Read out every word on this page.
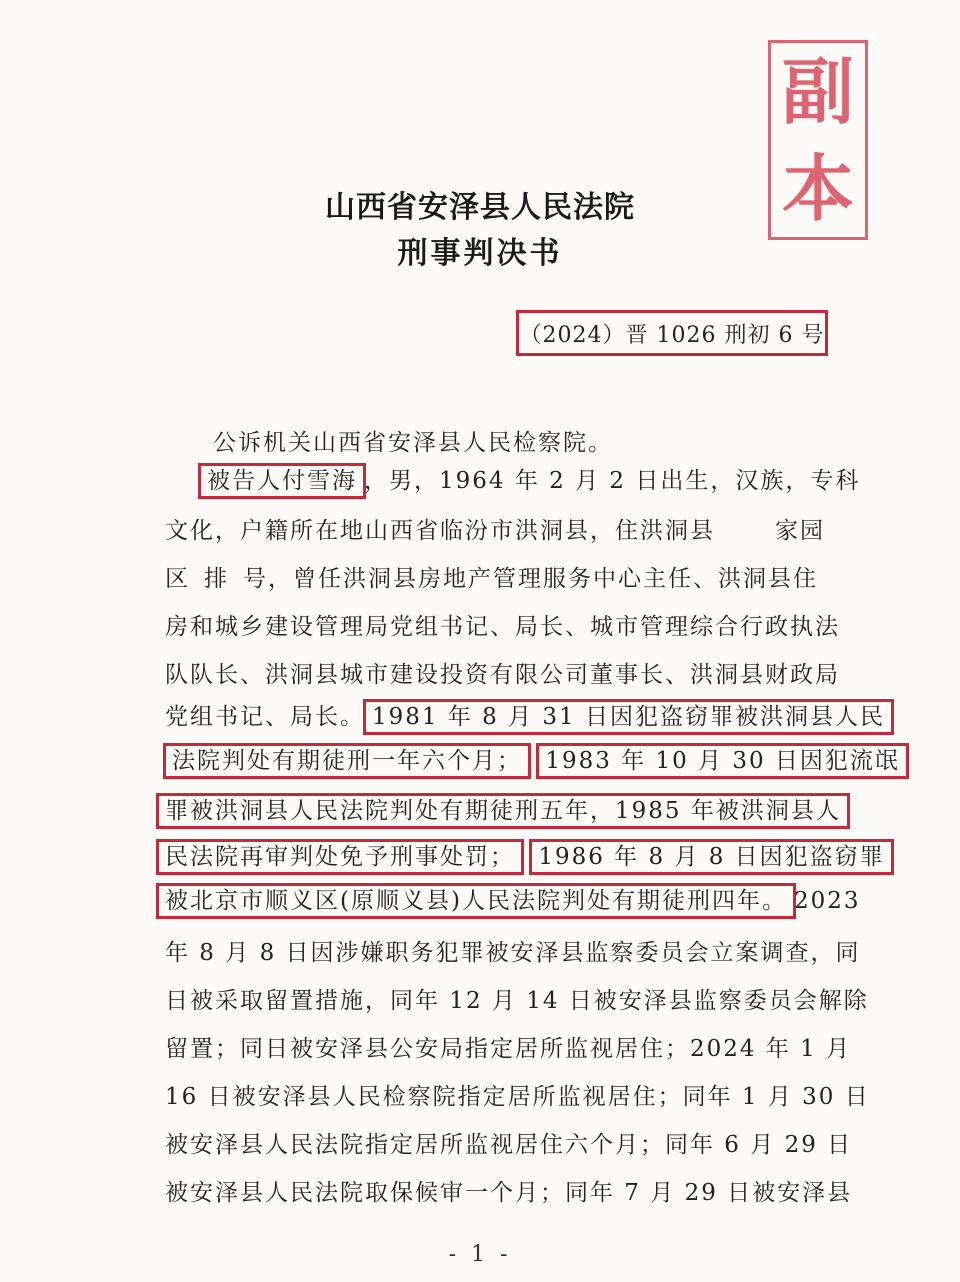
副
本
山西省安泽县人民法院
刑事判决书
（2024）晋 1026 刑初 6 号
公诉机关山西省安泽县人民检察院。
被告人付雪海 ，男，1964 年 2 月 2 日出生，汉族，专科
文化，户籍所在地山西省临汾市洪洞县，住洪洞县	家园
区 排 号，曾任洪洞县房地产管理服务中心主任、洪洞县住
房和城乡建设管理局党组书记、局长、城市管理综合行政执法
队队长、洪洞县城市建设投资有限公司董事长、洪洞县财政局
党组书记、局长。 1981 年 8 月 31 日因犯盗窃罪被洪洞县人民
法院判处有期徒刑一年六个月； 1983 年 10 月 30 日因犯流氓
罪被洪洞县人民法院判处有期徒刑五年，1985 年被洪洞县人
民法院再审判处免予刑事处罚； 1986 年 8 月 8 日因犯盗窃罪
被北京市顺义区(原顺义县)人民法院判处有期徒刑四年。 2023
年 8 月 8 日因涉嫌职务犯罪被安泽县监察委员会立案调查，同
日被采取留置措施，同年 12 月 14 日被安泽县监察委员会解除
留置；同日被安泽县公安局指定居所监视居住；2024 年 1 月
16 日被安泽县人民检察院指定居所监视居住；同年 1 月 30 日
被安泽县人民法院指定居所监视居住六个月；同年 6 月 29 日
被安泽县人民法院取保候审一个月；同年 7 月 29 日被安泽县
- 1 -
